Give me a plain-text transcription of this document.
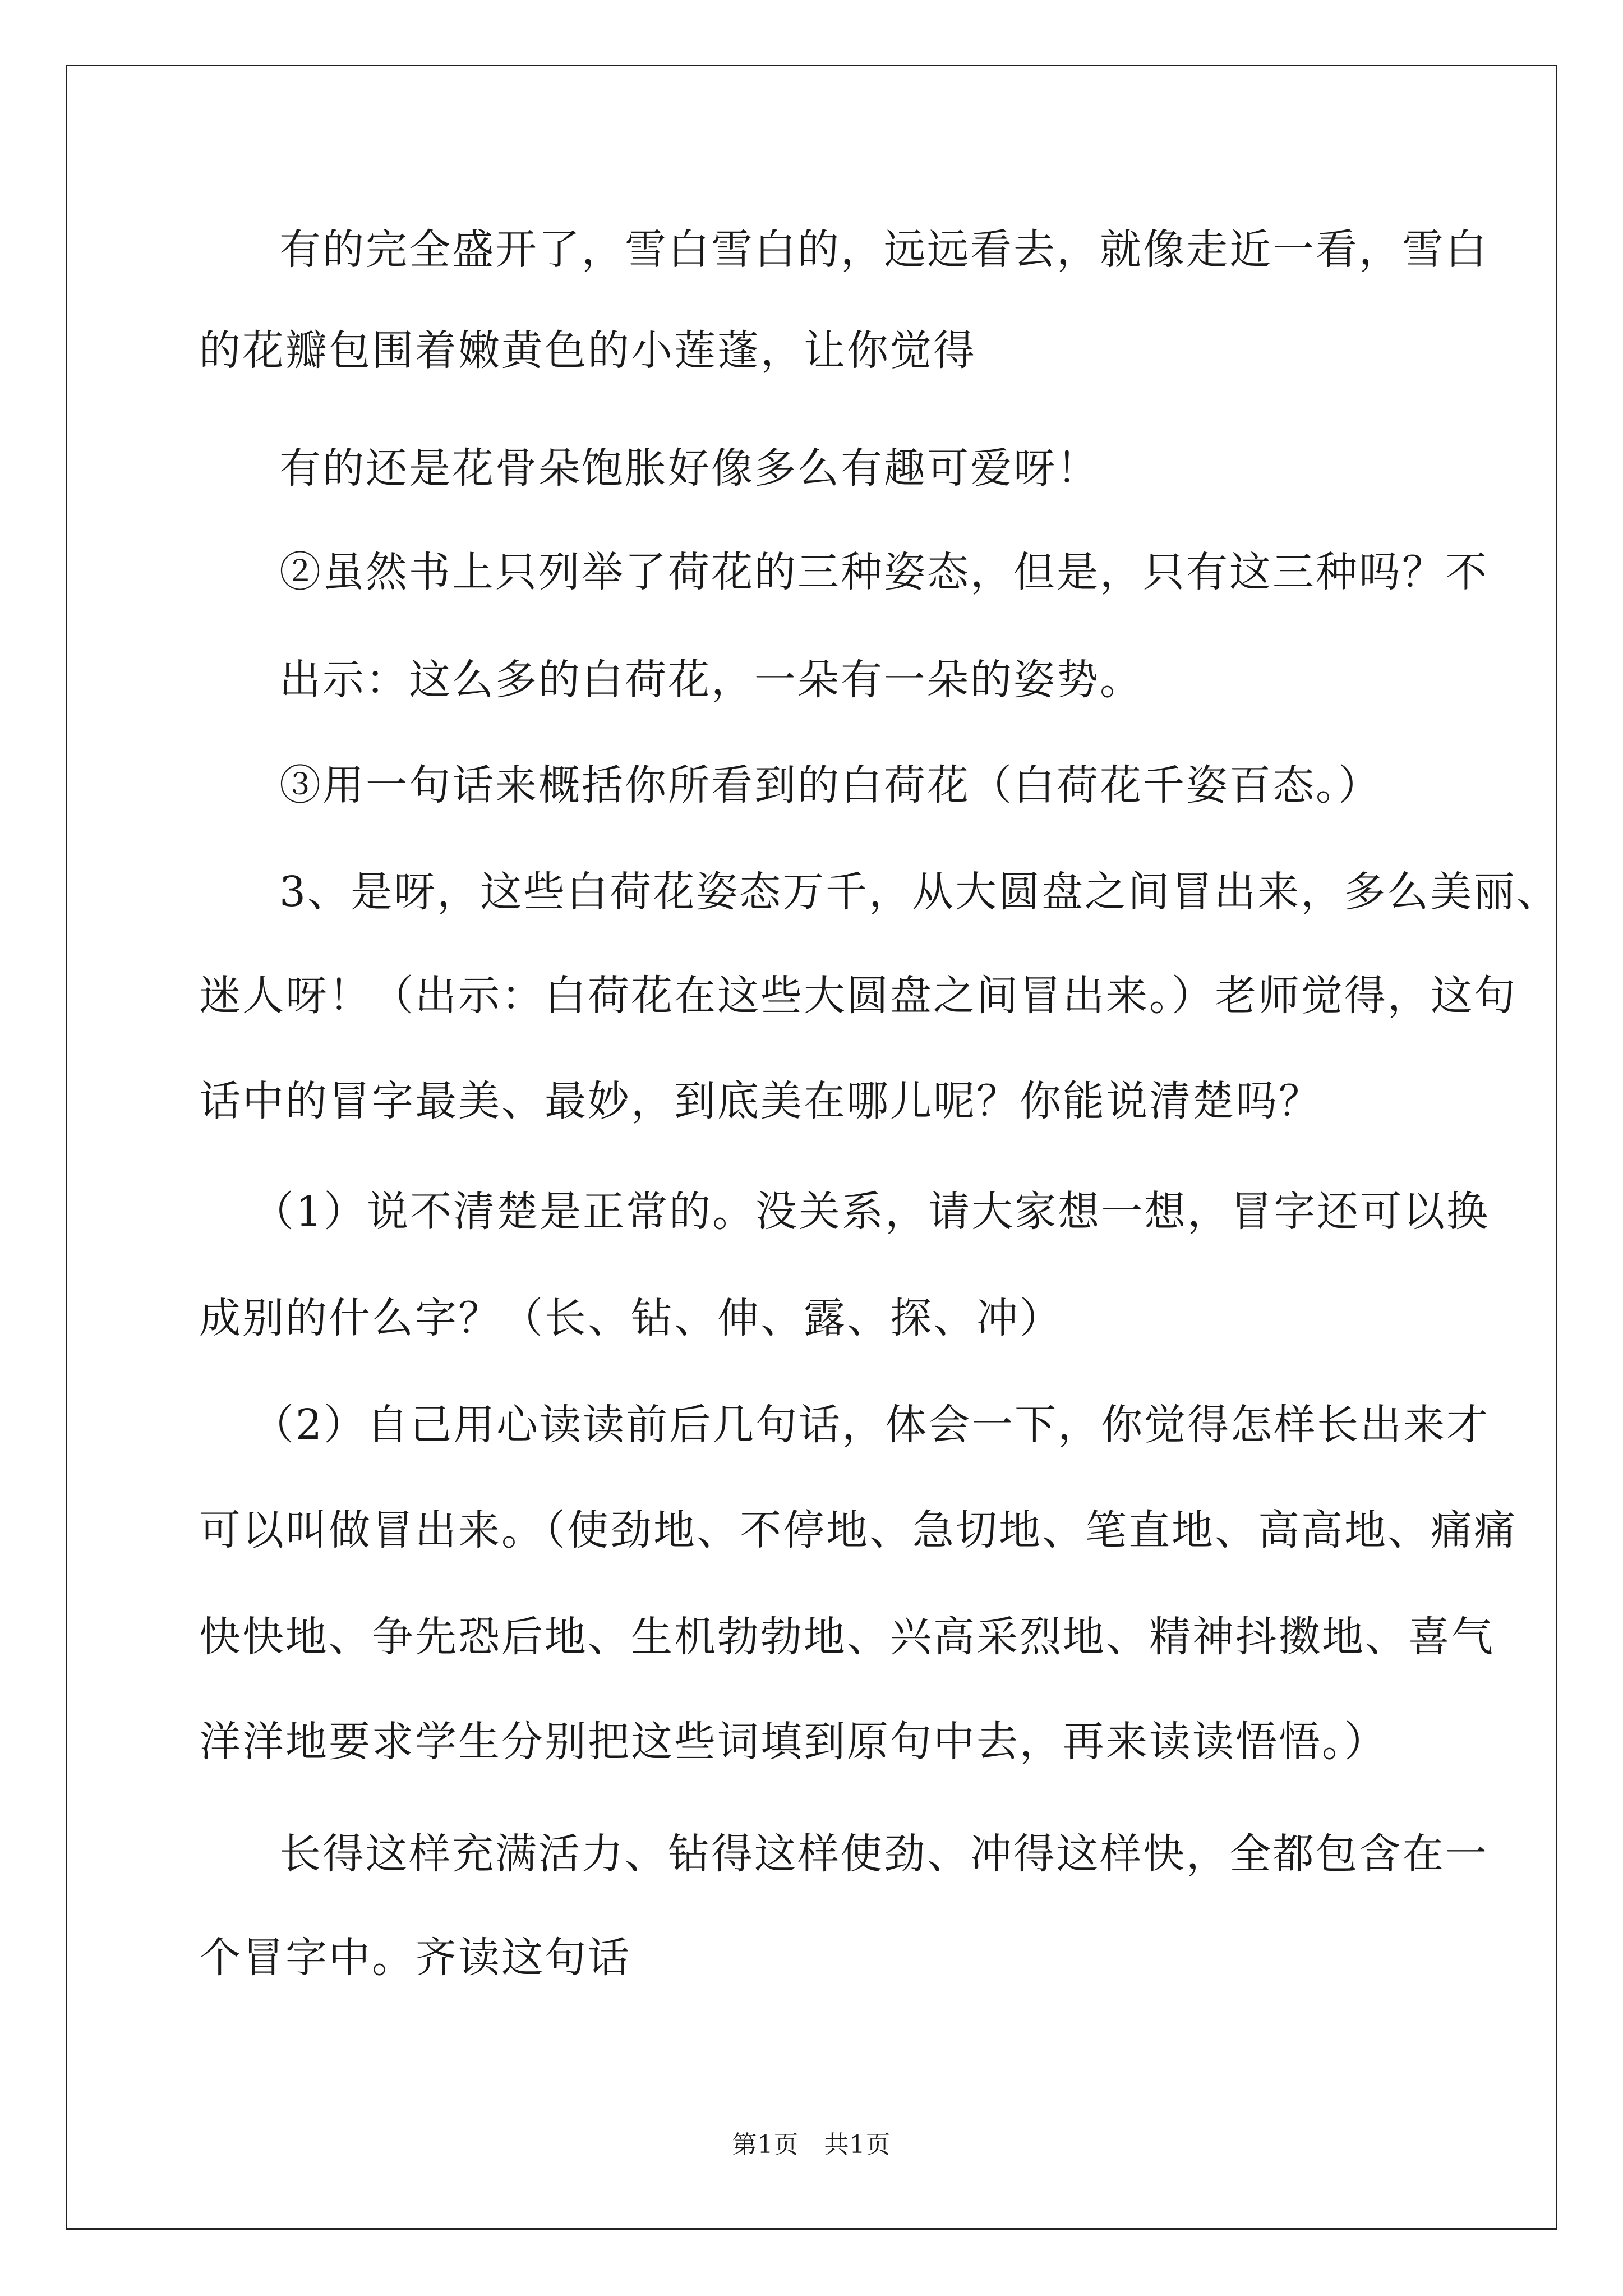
有的完全盛开了，雪白雪白的，远远看去，就像走近一看，雪白
的花瓣包围着嫩黄色的小莲蓬，让你觉得
有的还是花骨朵饱胀好像多么有趣可爱呀！
②虽然书上只列举了荷花的三种姿态，但是，只有这三种吗？不
出示：这么多的白荷花，一朵有一朵的姿势。
③用一句话来概括你所看到的白荷花（白荷花千姿百态。）
3、是呀，这些白荷花姿态万千，从大圆盘之间冒出来，多么美丽、
迷人呀！（出示：白荷花在这些大圆盘之间冒出来。）老师觉得，这句
话中的冒字最美、最妙，到底美在哪儿呢？你能说清楚吗？
（1）说不清楚是正常的。没关系，请大家想一想，冒字还可以换
成别的什么字？（长、钻、伸、露、探、冲）
（2）自己用心读读前后几句话，体会一下，你觉得怎样长出来才
可以叫做冒出来。（使劲地、不停地、急切地、笔直地、高高地、痛痛
快快地、争先恐后地、生机勃勃地、兴高采烈地、精神抖擞地、喜气
洋洋地要求学生分别把这些词填到原句中去，再来读读悟悟。）
长得这样充满活力、钻得这样使劲、冲得这样快，全都包含在一
个冒字中。齐读这句话
第1页　共1页
